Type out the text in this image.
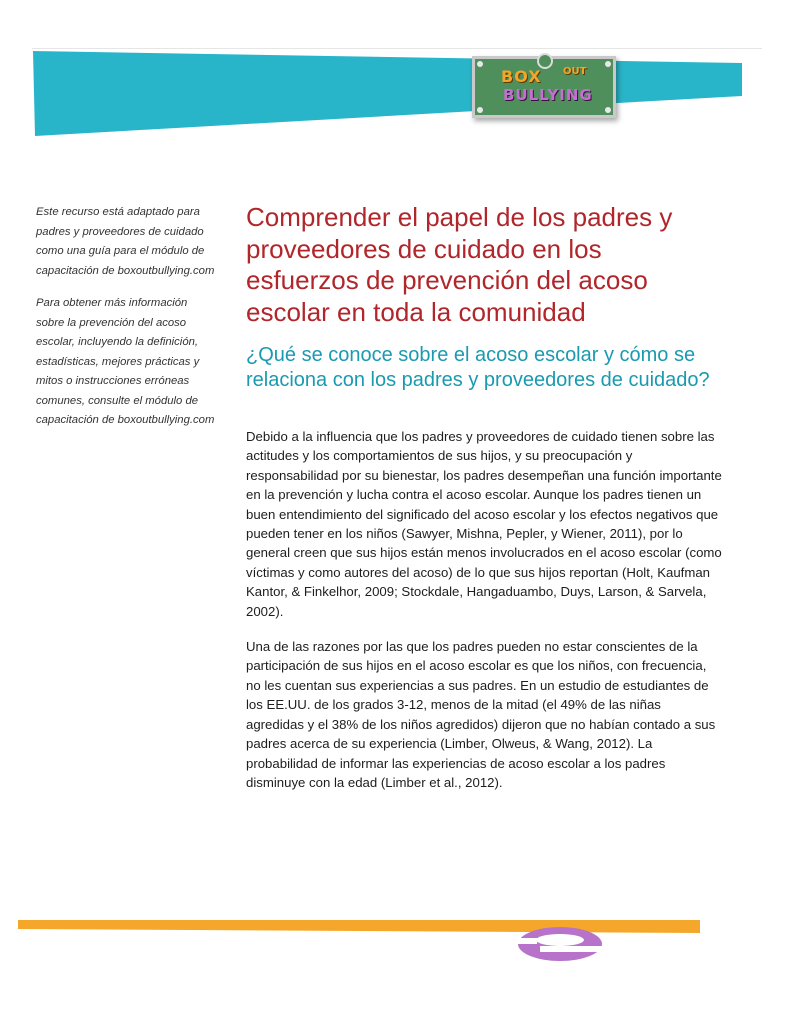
BOX OUT
BULLYING

Este recurso está adaptado para padres y proveedores de cuidado como una guía para el módulo de capacitación de boxoutbullying.com

Para obtener más información sobre la prevención del acoso escolar, incluyendo la definición, estadísticas, mejores prácticas y mitos o instrucciones erróneas comunes, consulte el módulo de capacitación de boxoutbullying.com

Comprender el papel de los padres y proveedores de cuidado en los esfuerzos de prevención del acoso escolar en toda la comunidad
¿Qué se conoce sobre el acoso escolar y cómo se relaciona con los padres y proveedores de cuidado?

Debido a la influencia que los padres y proveedores de cuidado tienen sobre las actitudes y los comportamientos de sus hijos, y su preocupación y responsabilidad por su bienestar, los padres desempeñan una función importante en la prevención y lucha contra el acoso escolar. Aunque los padres tienen un buen entendimiento del significado del acoso escolar y los efectos negativos que pueden tener en los niños (Sawyer, Mishna, Pepler, y Wiener, 2011), por lo general creen que sus hijos están menos involucrados en el acoso escolar (como víctimas y como autores del acoso) de lo que sus hijos reportan (Holt, Kaufman Kantor, & Finkelhor, 2009; Stockdale, Hangaduambo, Duys, Larson, & Sarvela, 2002).

Una de las razones por las que los padres pueden no estar conscientes de la participación de sus hijos en el acoso escolar es que los niños, con frecuencia, no les cuentan sus experiencias a sus padres. En un estudio de estudiantes de los EE.UU. de los grados 3-12, menos de la mitad (el 49% de las niñas agredidas y el 38% de los niños agredidos) dijeron que no habían contado a sus padres acerca de su experiencia (Limber, Olweus, & Wang, 2012). La probabilidad de informar las experiencias de acoso escolar a los padres disminuye con la edad (Limber et al., 2012).
